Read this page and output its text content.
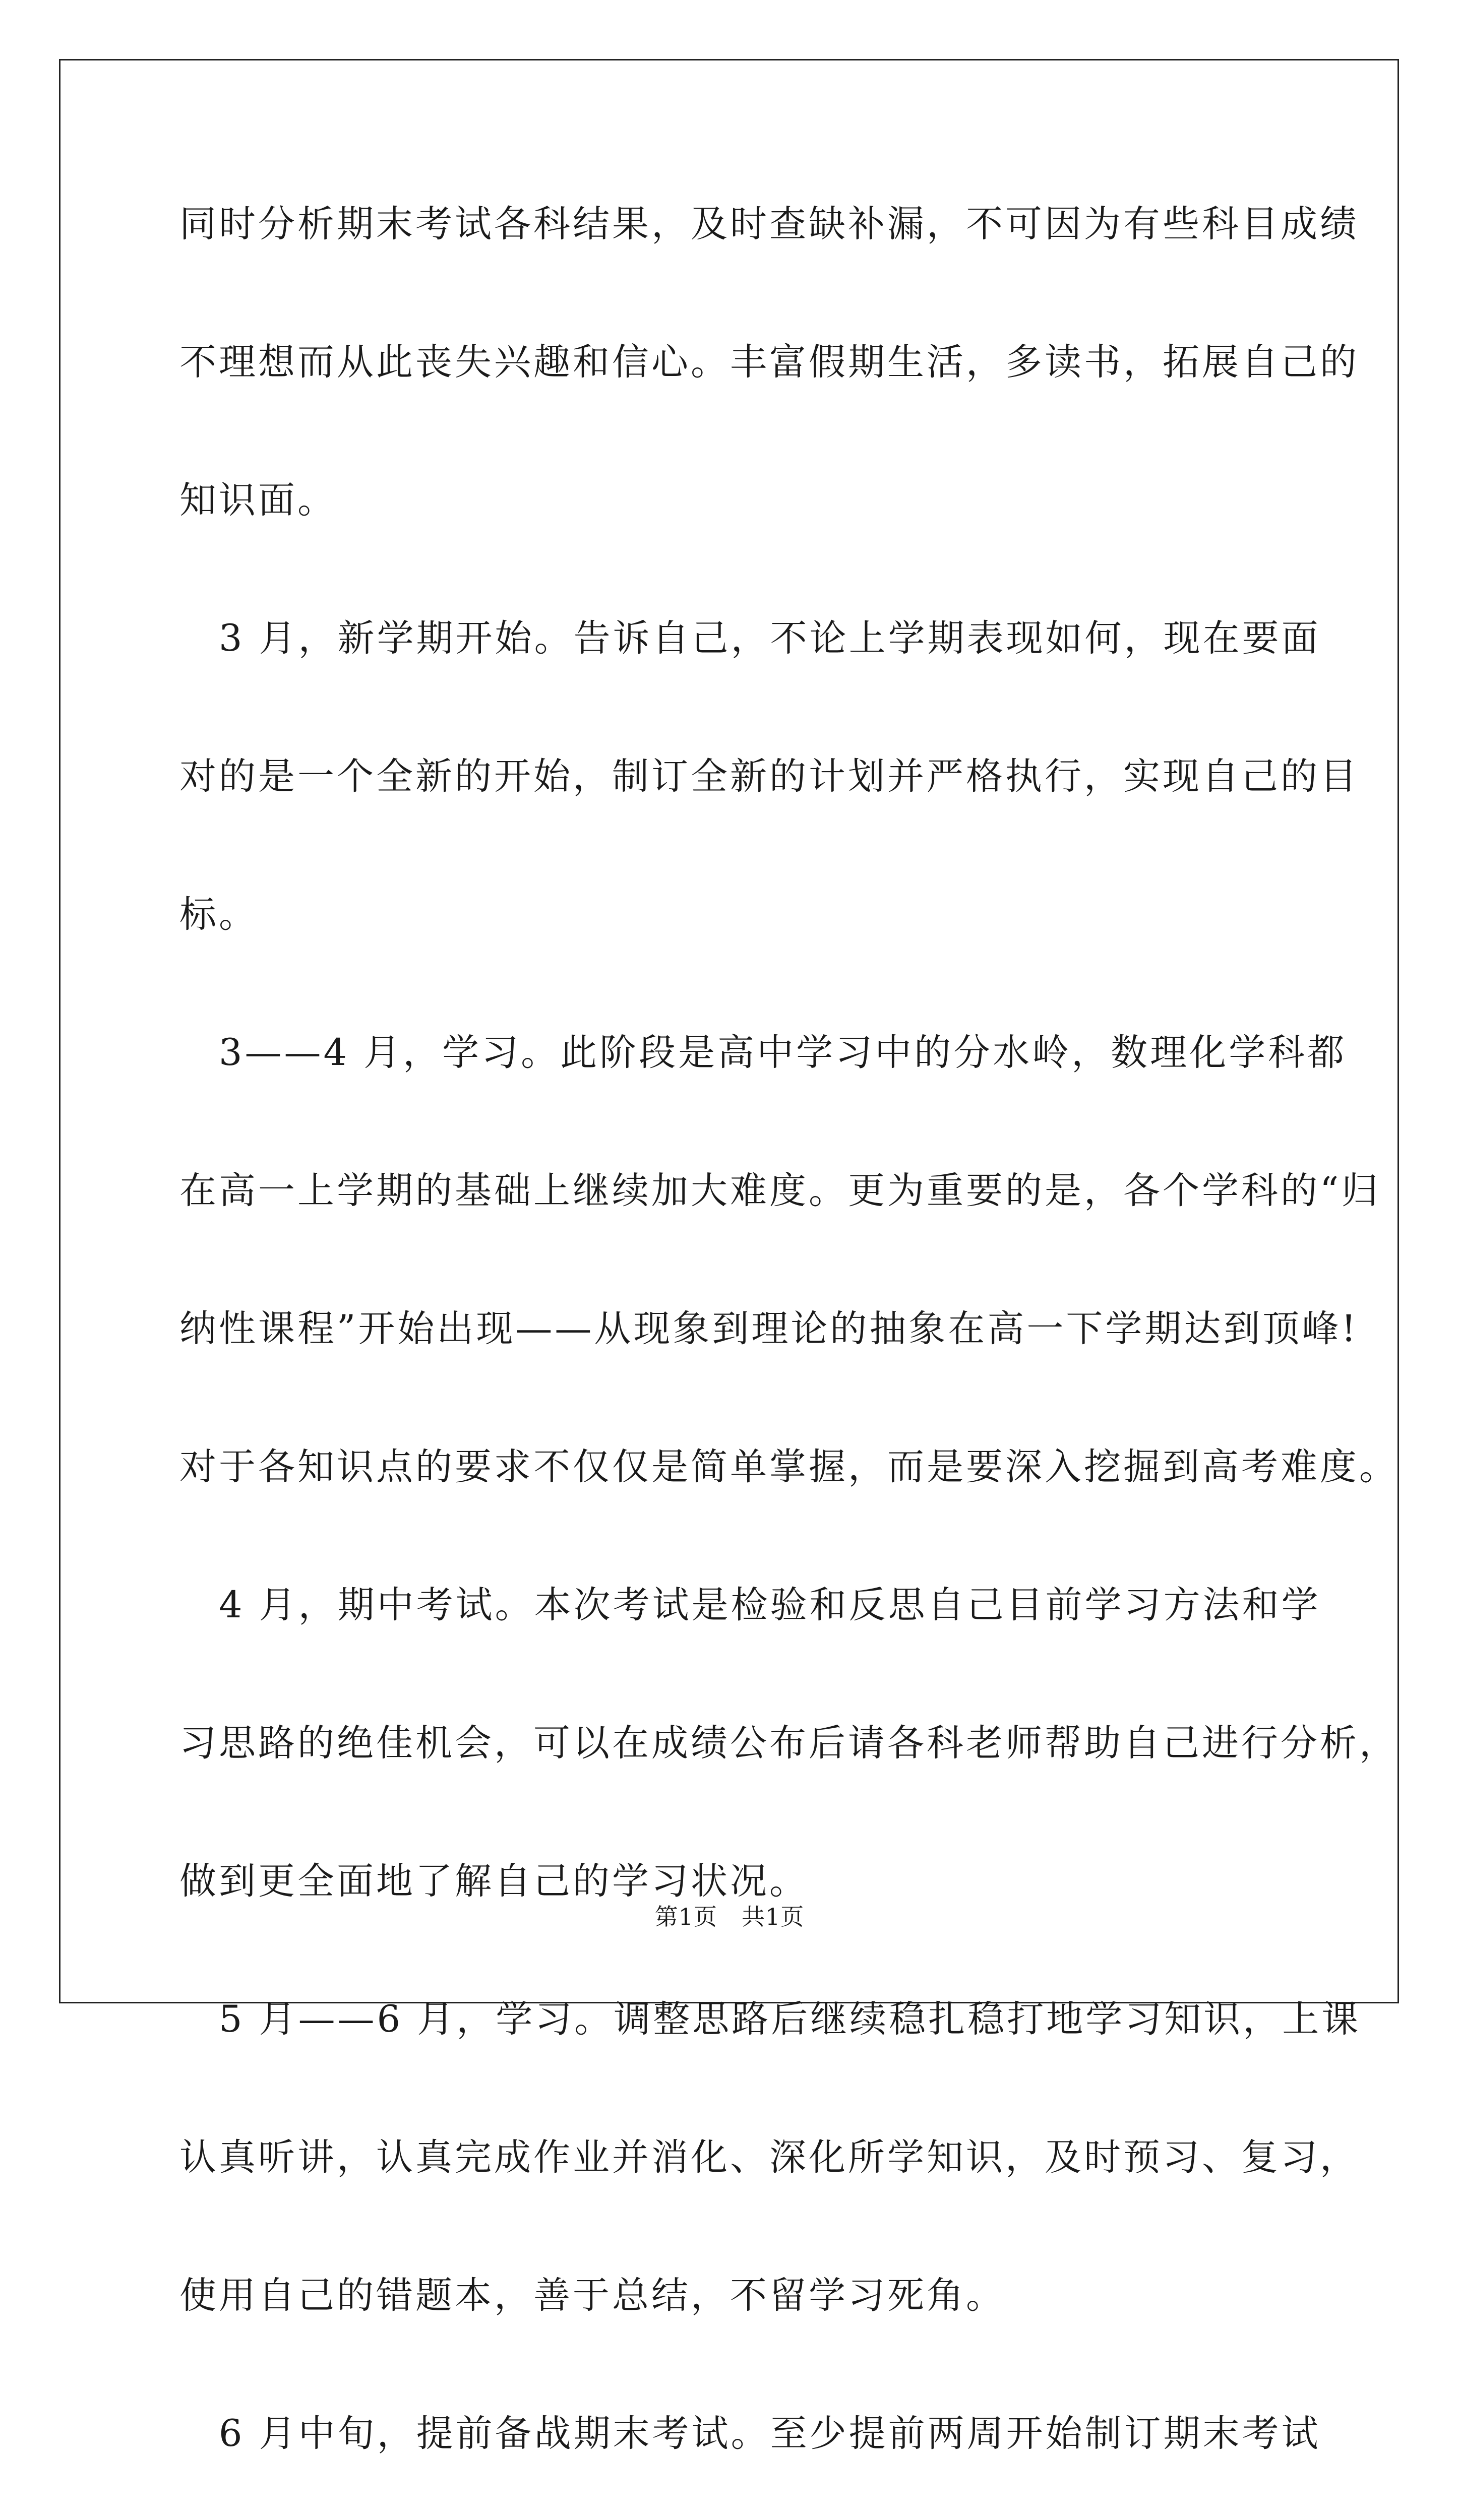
同时分析期末考试各科结果，及时查缺补漏，不可因为有些科目成绩
不理想而从此丧失兴趣和信心。丰富假期生活，多读书，拓展自己的
知识面。
　3 月，新学期开始。告诉自己，不论上学期表现如何，现在要面
对的是一个全新的开始，制订全新的计划并严格执行，实现自己的目
标。
　3——4 月，学习。此阶段是高中学习中的分水岭，数理化学科都
在高一上学期的基础上继续加大难度。更为重要的是，各个学科的“归
纳性课程”开始出现——从现象到理论的抽象在高一下学期达到顶峰!
对于各知识点的要求不仅仅是简单掌握，而是要深入挖掘到高考难度。
　4 月，期中考试。本次考试是检验和反思自己目前学习方法和学
习思路的绝佳机会，可以在成绩公布后请各科老师帮助自己进行分析，
做到更全面地了解自己的学习状况。
　5 月——6 月，学习。调整思路后继续稳扎稳打地学习知识，上课
认真听讲，认真完成作业并消化、深化所学知识，及时预习、复习，
使用自己的错题本，善于总结，不留学习死角。
　6 月中旬，提前备战期末考试。至少提前两周开始制订期末考试
第1页 共1页
